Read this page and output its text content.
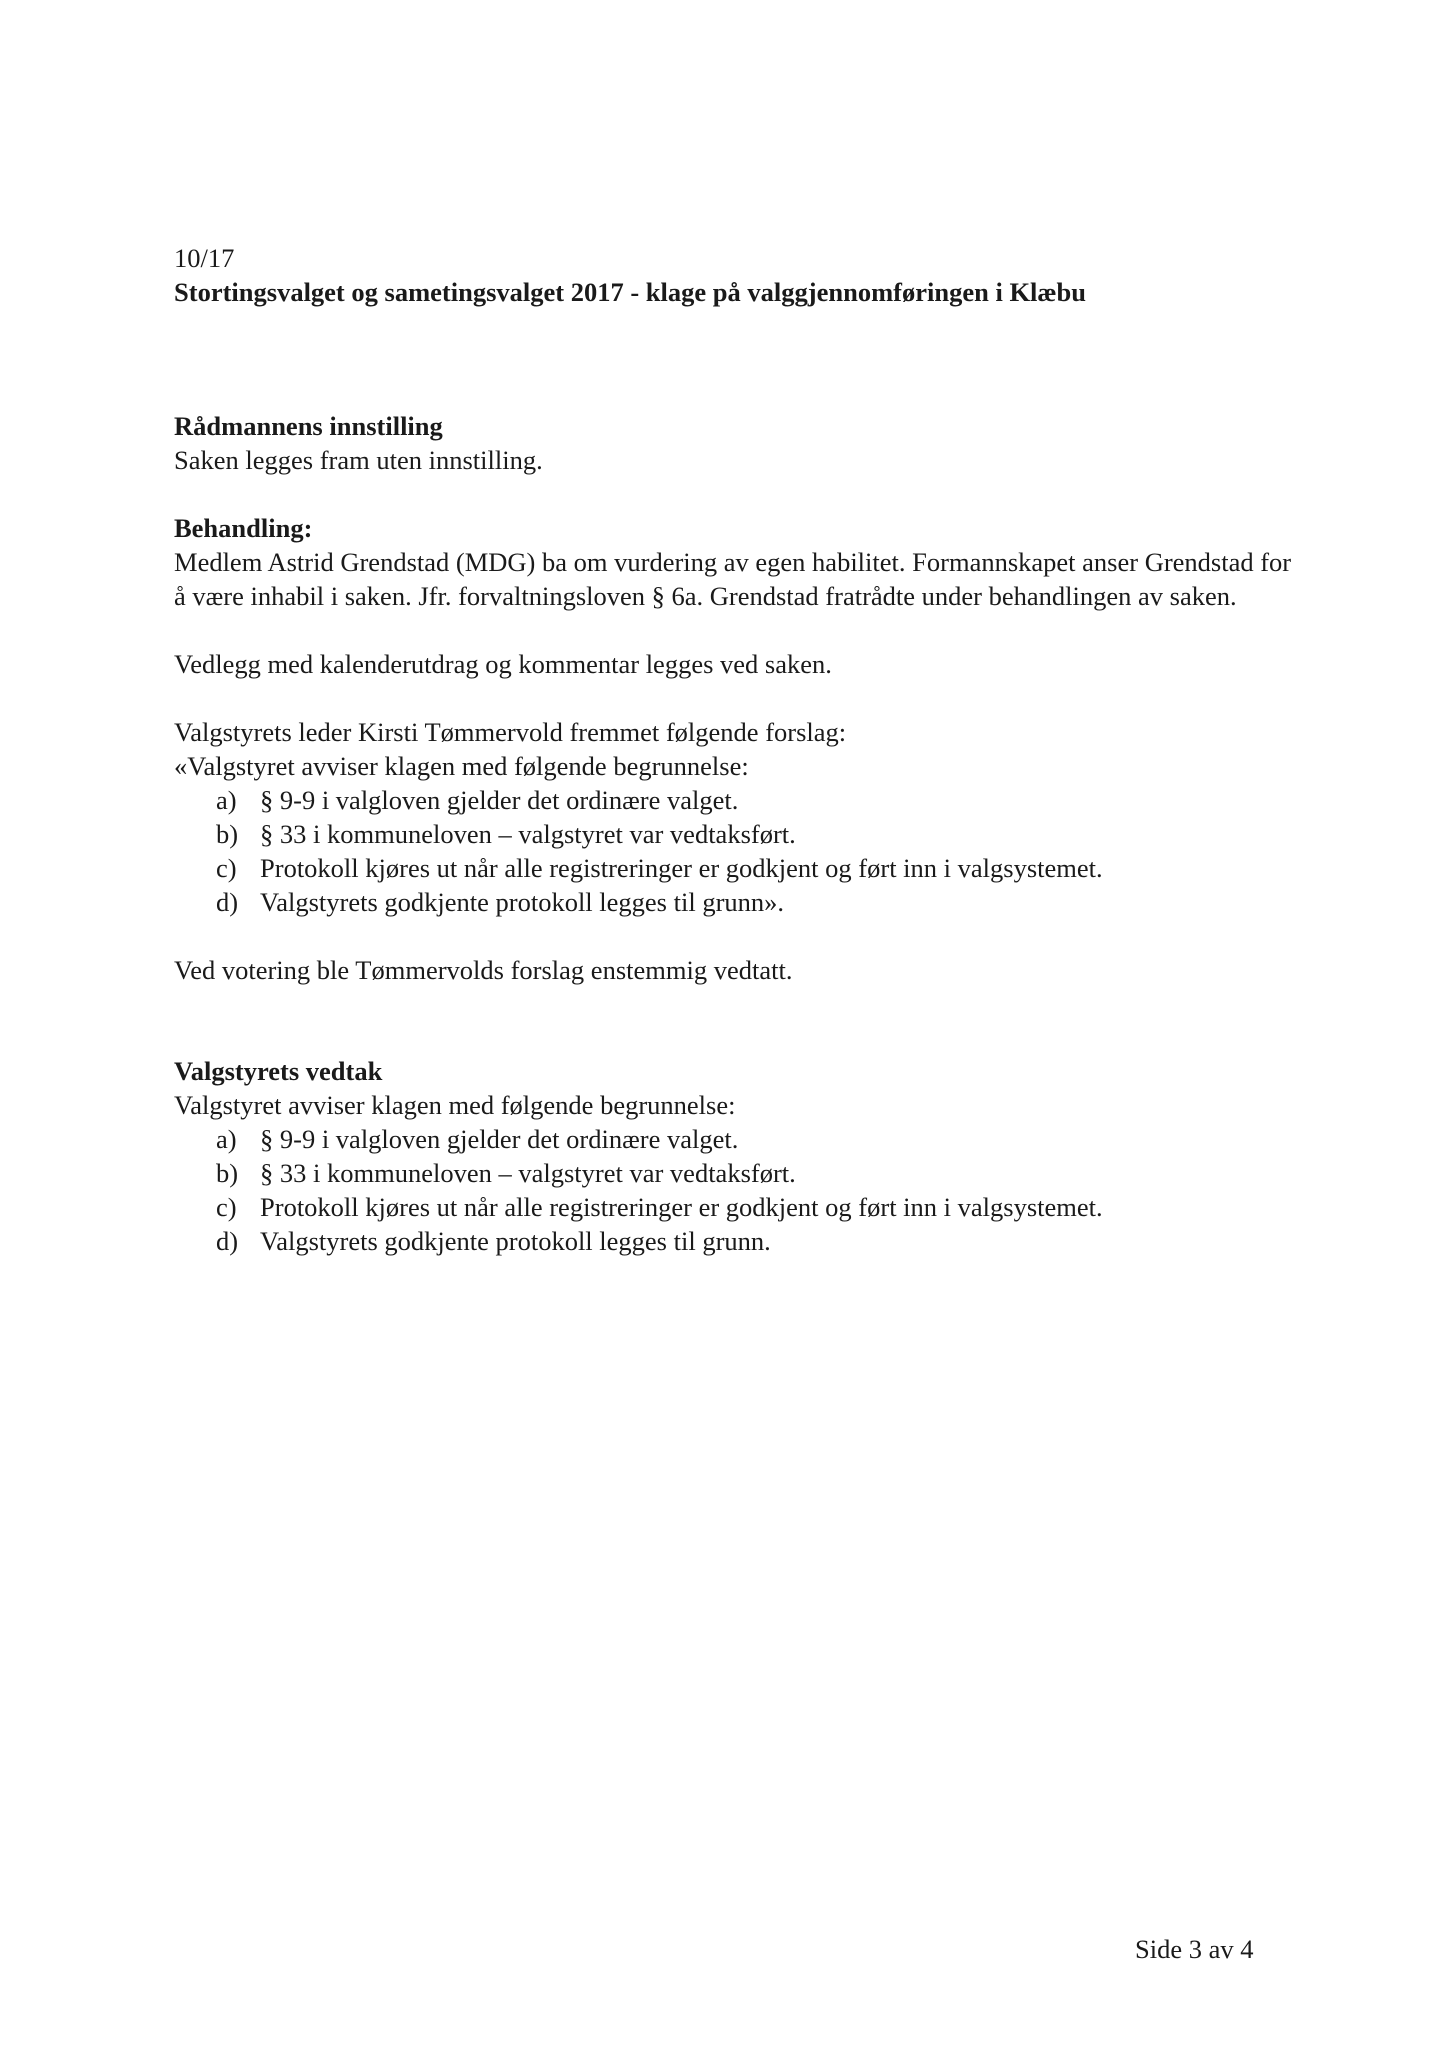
10/17
Stortingsvalget og sametingsvalget 2017 - klage på valggjennomføringen i Klæbu
Rådmannens innstilling
Saken legges fram uten innstilling.
Behandling:
Medlem Astrid Grendstad (MDG) ba om vurdering av egen habilitet. Formannskapet anser Grendstad for å være inhabil i saken. Jfr. forvaltningsloven § 6a. Grendstad fratrådte under behandlingen av saken.
Vedlegg med kalenderutdrag og kommentar legges ved saken.
Valgstyrets leder Kirsti Tømmervold fremmet følgende forslag:
«Valgstyret avviser klagen med følgende begrunnelse:
a) § 9-9 i valgloven gjelder det ordinære valget.
b) § 33 i kommuneloven – valgstyret var vedtaksført.
c) Protokoll kjøres ut når alle registreringer er godkjent og ført inn i valgsystemet.
d) Valgstyrets godkjente protokoll legges til grunn».
Ved votering ble Tømmervolds forslag enstemmig vedtatt.
Valgstyrets vedtak
Valgstyret avviser klagen med følgende begrunnelse:
a) § 9-9 i valgloven gjelder det ordinære valget.
b) § 33 i kommuneloven – valgstyret var vedtaksført.
c) Protokoll kjøres ut når alle registreringer er godkjent og ført inn i valgsystemet.
d) Valgstyrets godkjente protokoll legges til grunn.
Side 3 av 4
